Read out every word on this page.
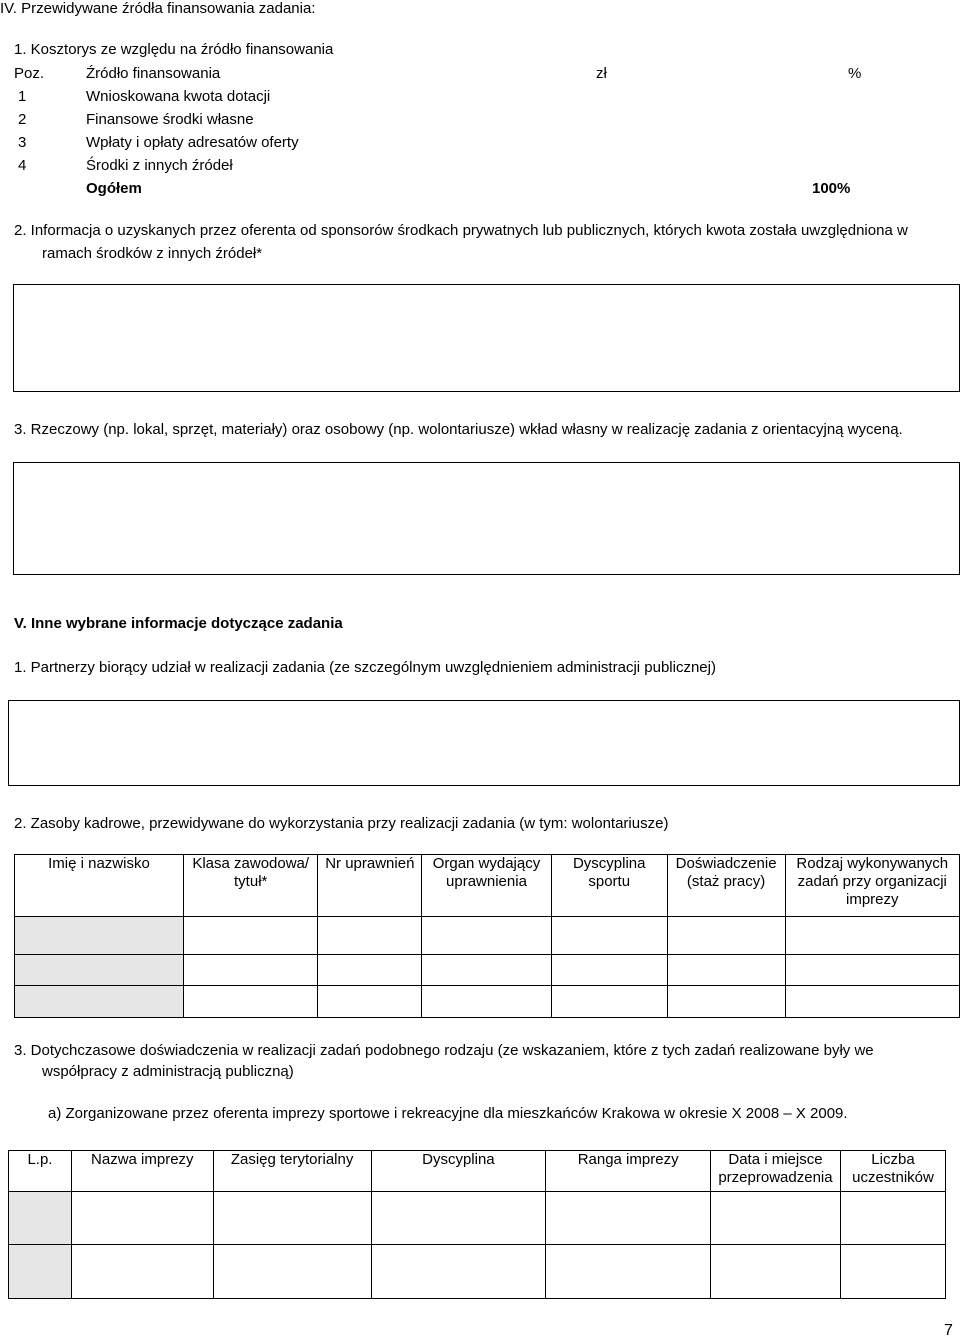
IV. Przewidywane źródła finansowania zadania:
1. Kosztorys ze względu na źródło finansowania
Poz.	Źródło finansowania	zł	%
1	Wnioskowana kwota dotacji		
2	Finansowe środki własne		
3	Wpłaty i opłaty adresatów oferty		
4	Środki z innych źródeł		
	Ogółem		100%
2. Informacja o uzyskanych przez oferenta od sponsorów środkach prywatnych lub publicznych, których kwota została uwzględniona w
ramach środków z innych źródeł*
3. Rzeczowy (np. lokal, sprzęt, materiały) oraz osobowy (np. wolontariusze) wkład własny w realizację zadania z orientacyjną wyceną.
V. Inne wybrane informacje dotyczące zadania
1. Partnerzy biorący udział w realizacji zadania (ze szczególnym uwzględnieniem administracji publicznej)
2. Zasoby kadrowe, przewidywane do wykorzystania przy realizacji zadania (w tym: wolontariusze)
Imię i nazwisko	Klasa zawodowa/ tytuł*	Nr uprawnień	Organ wydający uprawnienia	Dyscyplina sportu	Doświadczenie (staż pracy)	Rodzaj wykonywanych zadań przy organizacji imprezy

3. Dotychczasowe doświadczenia w realizacji zadań podobnego rodzaju (ze wskazaniem, które z tych zadań realizowane były we
współpracy z administracją publiczną)
a) Zorganizowane przez oferenta imprezy sportowe i rekreacyjne dla mieszkańców Krakowa w okresie X 2008 – X 2009.
L.p.	Nazwa imprezy	Zasięg terytorialny	Dyscyplina	Ranga imprezy	Data i miejsce przeprowadzenia	Liczba uczestników

7
